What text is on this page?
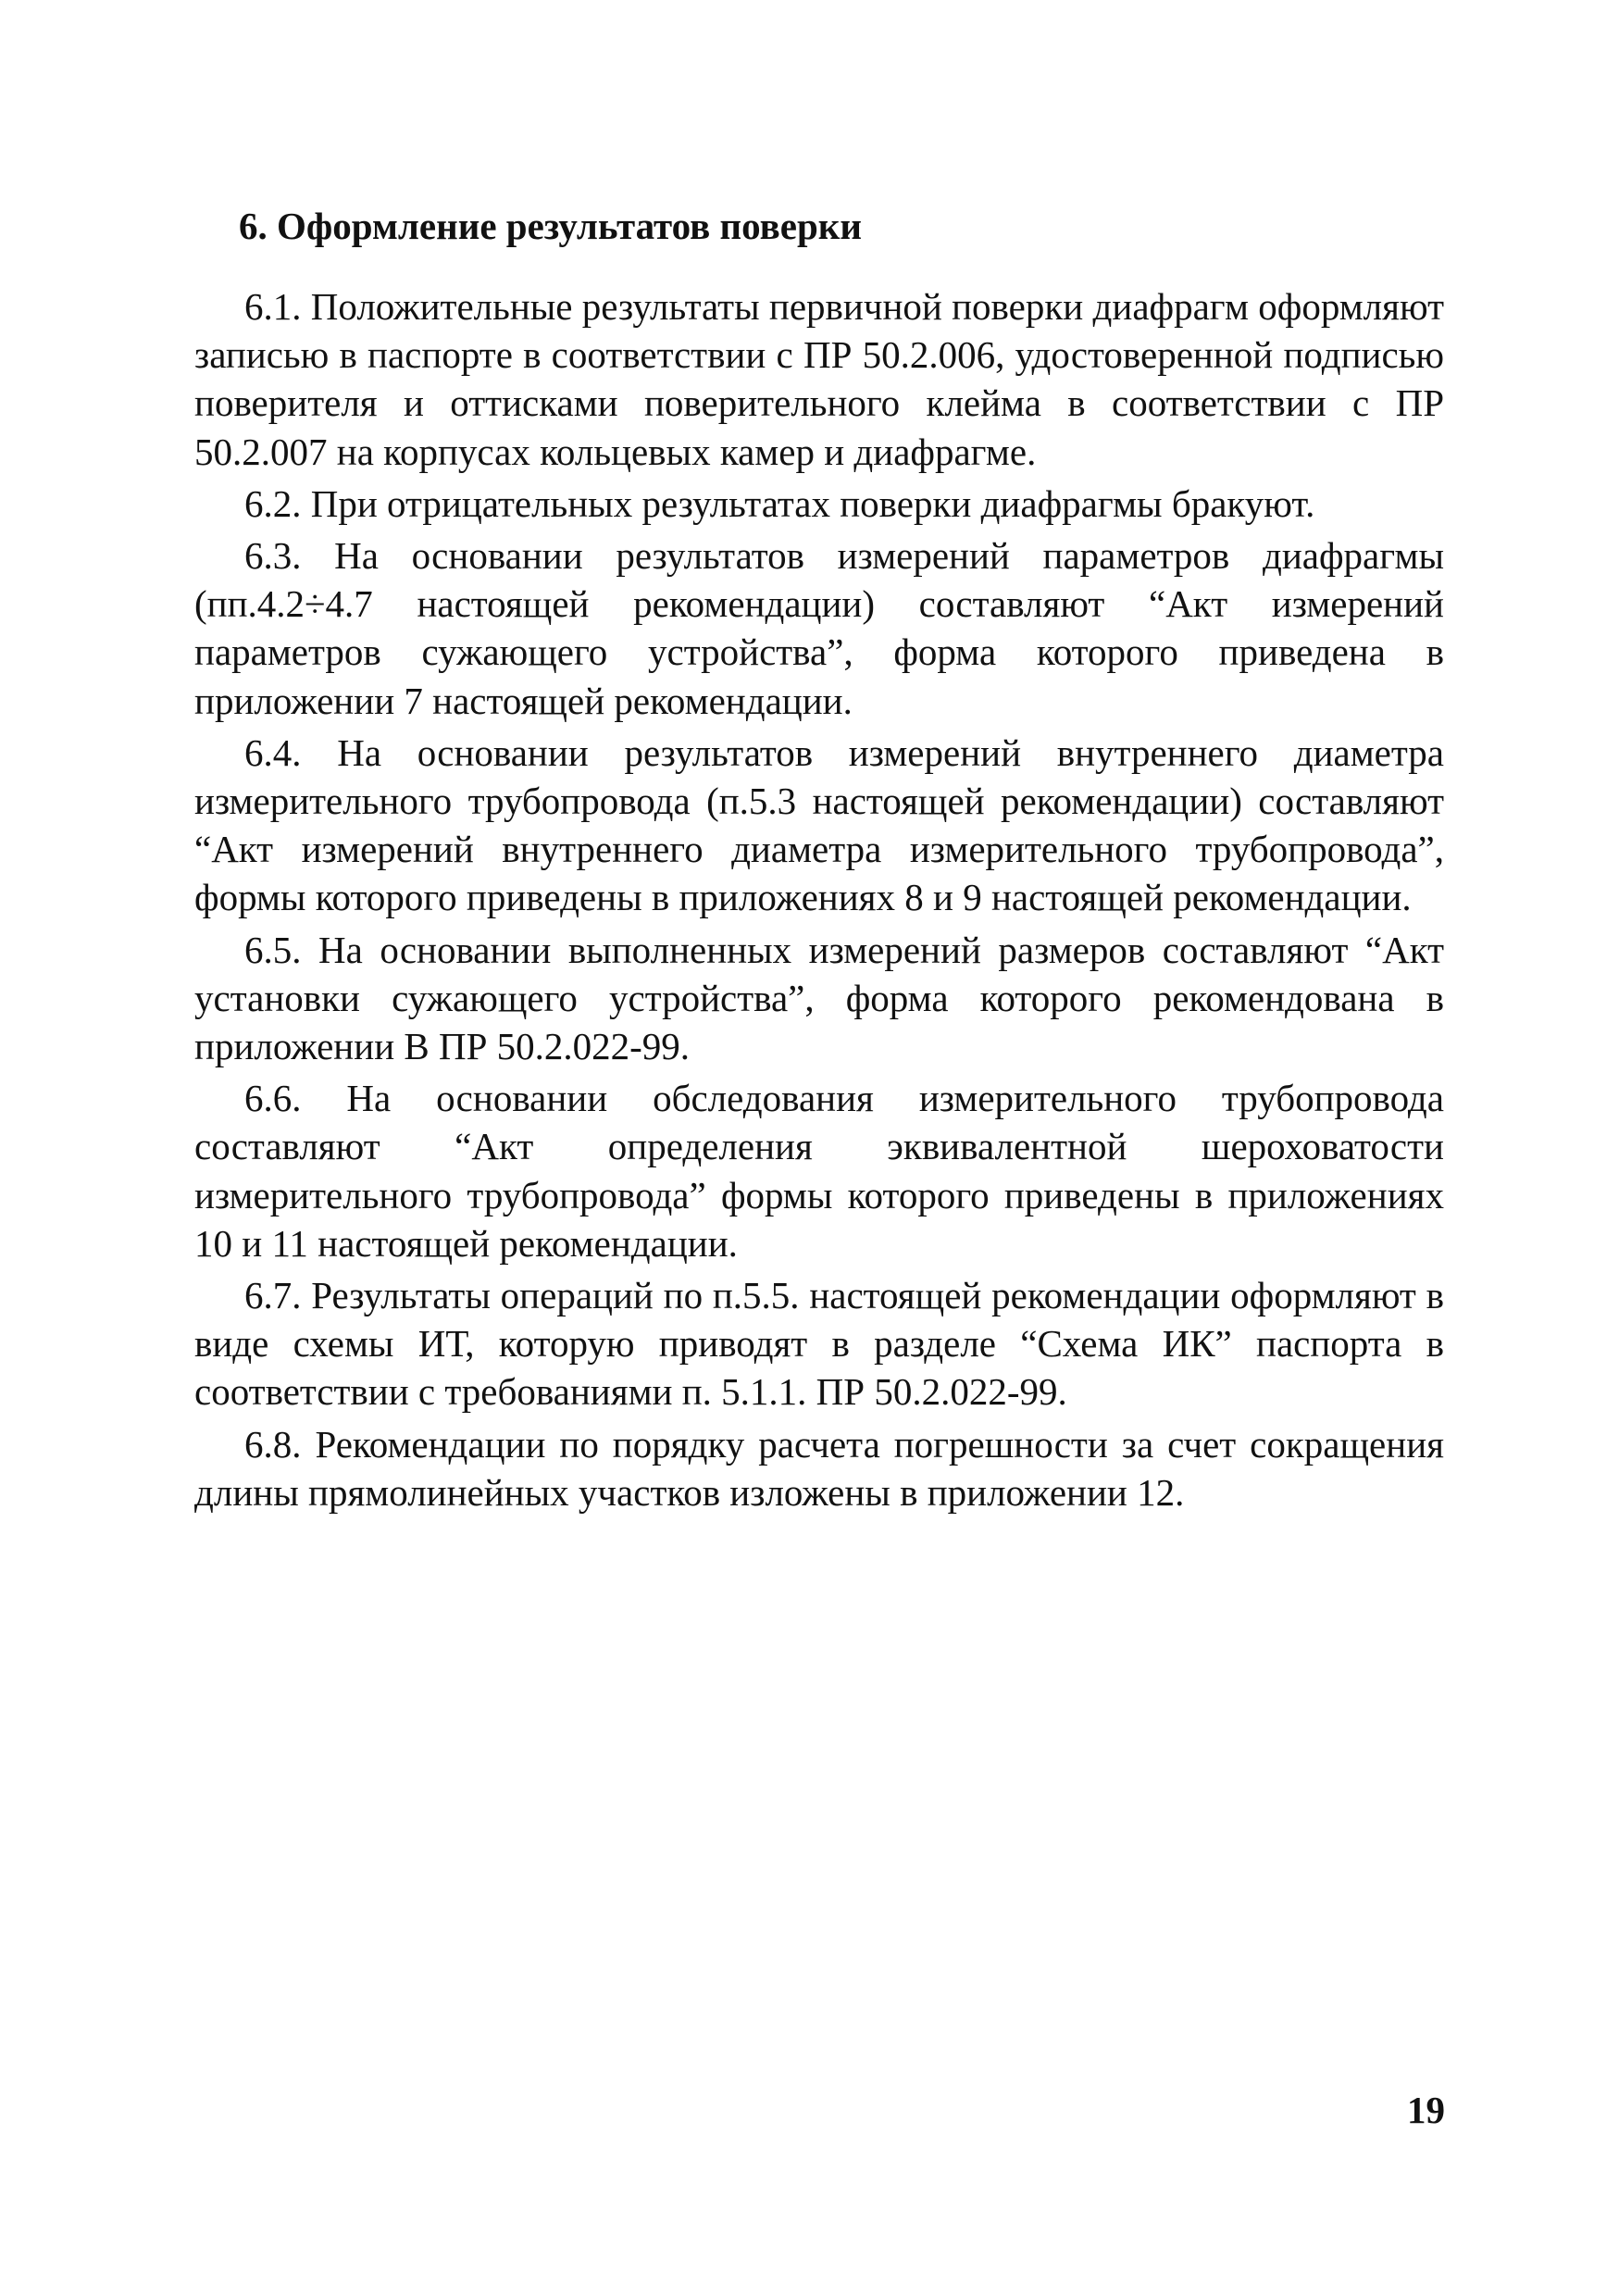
6. Оформление результатов поверки

6.1. Положительные результаты первичной поверки диафрагм оформляют записью в паспорте в соответствии с ПР 50.2.006, удостоверенной подписью поверителя и оттисками поверительного клейма в соответствии с ПР 50.2.007 на корпусах кольцевых камер и диафрагме.

6.2. При отрицательных результатах поверки диафрагмы бракуют.

6.3. На основании результатов измерений параметров диафрагмы (пп.4.2÷4.7 настоящей рекомендации) составляют “Акт измерений параметров сужающего устройства”, форма которого приведена в приложении 7 настоящей рекомендации.

6.4. На основании результатов измерений внутреннего диаметра измерительного трубопровода (п.5.3 настоящей рекомендации) составляют “Акт измерений внутреннего диаметра измерительного трубопровода”, формы которого приведены в приложениях 8 и 9 настоящей рекомендации.

6.5. На основании выполненных измерений размеров составляют “Акт установки сужающего устройства”, форма которого рекомендована в приложении В ПР 50.2.022-99.

6.6. На основании обследования измерительного трубопровода составляют “Акт определения эквивалентной шероховатости измерительного трубопровода” формы которого приведены в приложениях 10 и 11 настоящей рекомендации.

6.7. Результаты операций по п.5.5. настоящей рекомендации оформляют в виде схемы ИТ, которую приводят в разделе “Схема ИК” паспорта в соответствии с требованиями п. 5.1.1. ПР 50.2.022-99.

6.8. Рекомендации по порядку расчета погрешности за счет сокращения длины прямолинейных участков изложены в приложении 12.

19
